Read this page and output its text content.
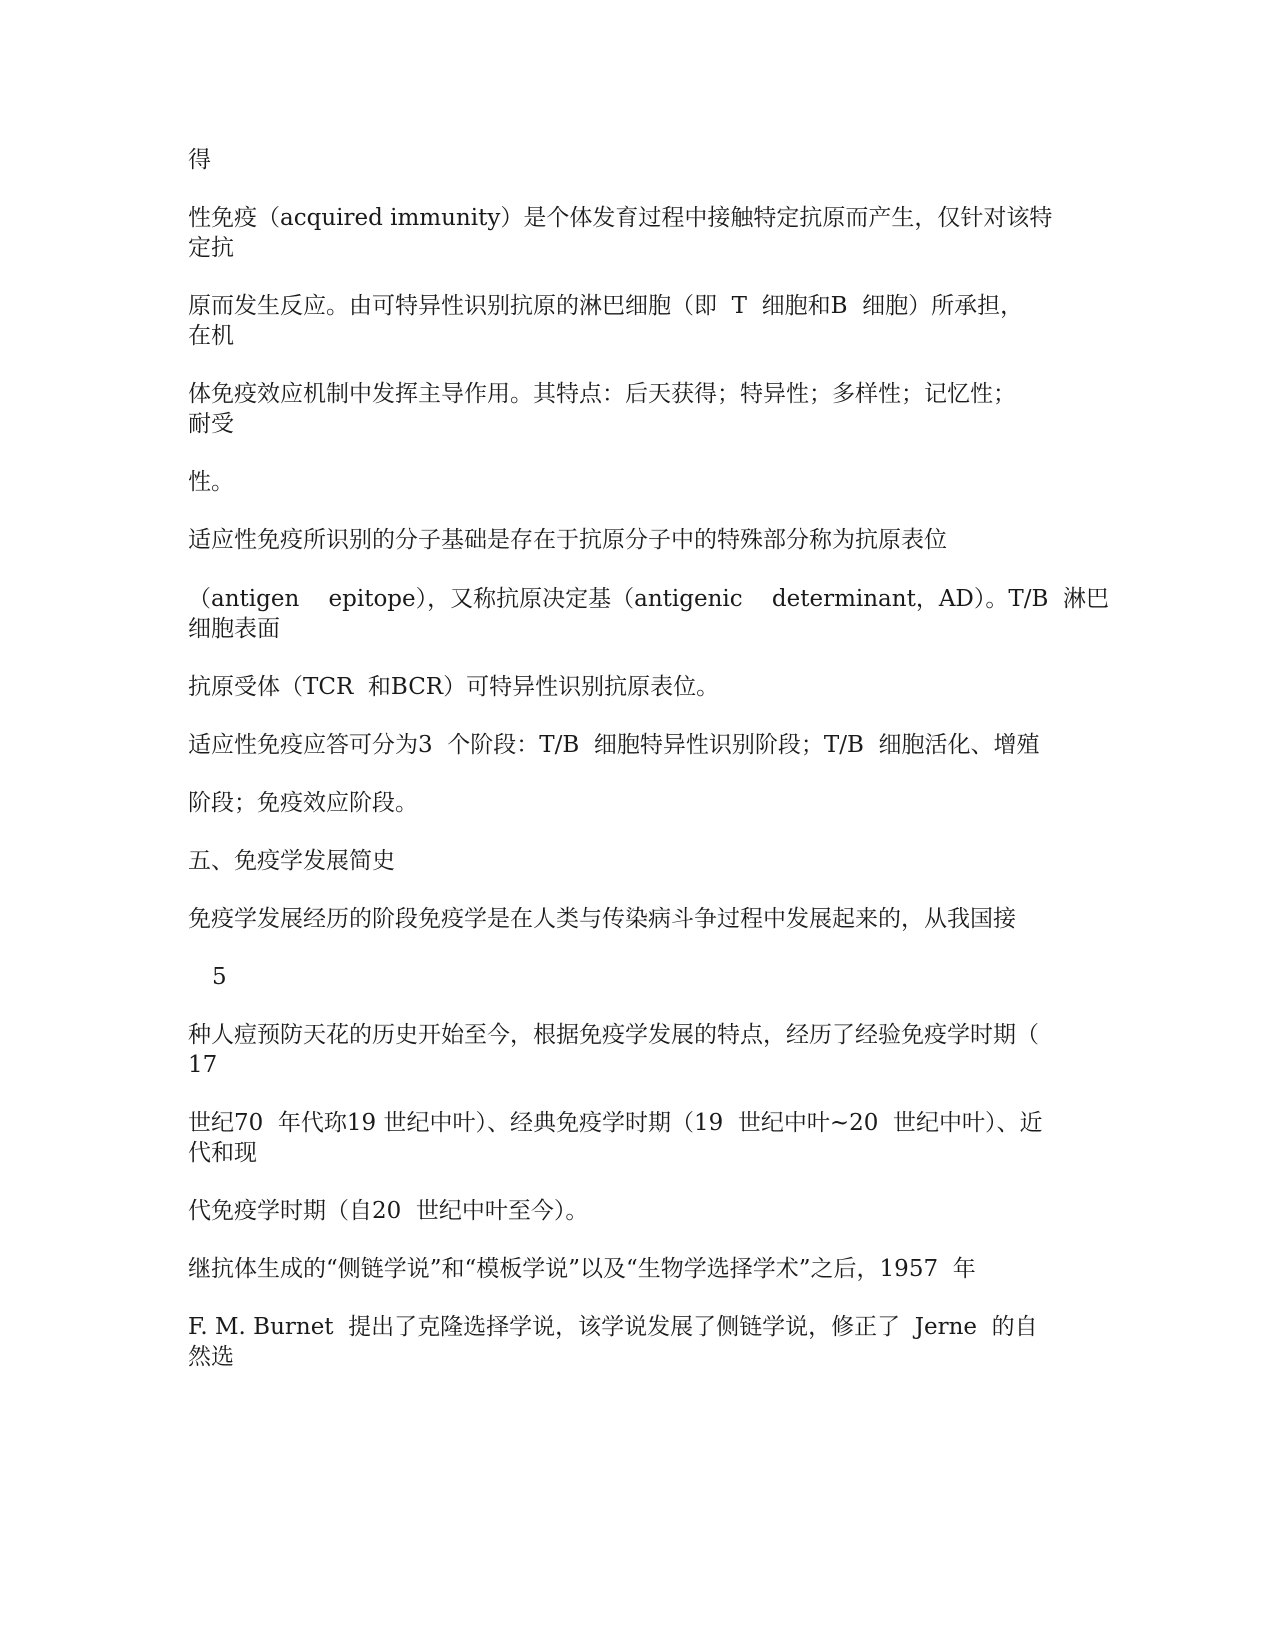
得

性免疫（acquired immunity）是个体发育过程中接触特定抗原而产生，仅针对该特

定抗

原而发生反应。由可特异性识别抗原的淋巴细胞（即  T  细胞和B  细胞）所承担，

在机

体免疫效应机制中发挥主导作用。其特点：后天获得；特异性；多样性；记忆性；

耐受

性。

适应性免疫所识别的分子基础是存在于抗原分子中的特殊部分称为抗原表位

（antigen    epitope），又称抗原决定基（antigenic    determinant，AD）。T/B  淋巴

细胞表面

抗原受体（TCR  和BCR）可特异性识别抗原表位。

适应性免疫应答可分为3  个阶段：T/B  细胞特异性识别阶段；T/B  细胞活化、增殖

阶段；免疫效应阶段。

五、免疫学发展简史

免疫学发展经历的阶段免疫学是在人类与传染病斗争过程中发展起来的，从我国接

5

种人痘预防天花的历史开始至今，根据免疫学发展的特点，经历了经验免疫学时期（

17

世纪70  年代珎19 世纪中叶）、经典免疫学时期（19  世纪中叶~20  世纪中叶）、近

代和现

代免疫学时期（自20  世纪中叶至今）。

继抗体生成的“侧链学说”和“模板学说”以及“生物学选择学术”之后，1957  年

F. M. Burnet  提出了克隆选择学说，该学说发展了侧链学说，修正了  Jerne  的自

然选
